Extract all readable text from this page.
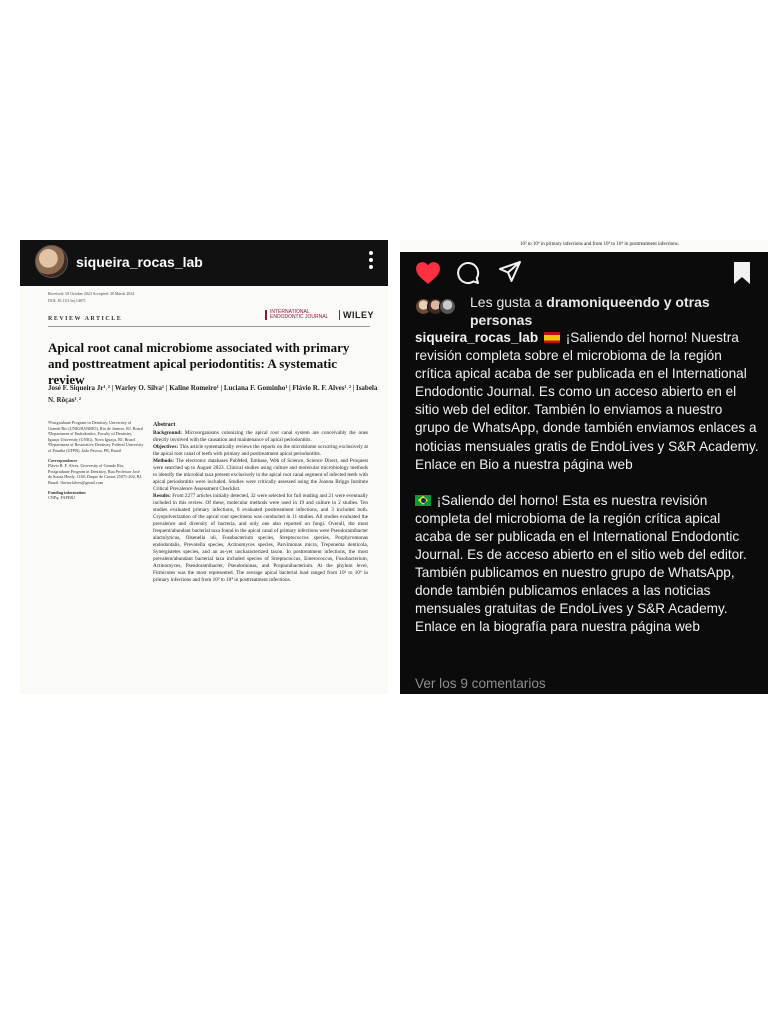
siqueira_rocas_lab
Received: 19 October 2023 Accepted: 30 March 2024
DOI: 10.1111/iej.14071
REVIEW ARTICLE
INTERNATIONAL ENDODONTIC JOURNAL	WILEY
Apical root canal microbiome associated with primary and posttreatment apical periodontitis: A systematic review
José F. Siqueira Jr¹˒² | Warley O. Silva¹ | Kaline Romeiro¹ | Luciana F. Gominho¹ | Flávio R. F. Alves¹˒² | Isabela N. Rôças¹˒²
¹Postgraduate Program in Dentistry, University of Grande Rio (UNIGRANRIO), Rio de Janeiro, RJ, Brazil ²Department of Endodontics, Faculty of Dentistry, Iguaçu University (UNIG), Nova Iguaçu, RJ, Brazil ³Department of Restorative Dentistry, Federal University of Paraíba (UFPB), João Pessoa, PB, Brazil
Correspondence
Flávio R. F. Alves, University of Grande Rio, Postgraduate Program in Dentistry, Rua Professor José de Souza Herdy, 1160, Duque de Caxias 25071-202, RJ, Brazil. flaviorfalves@gmail.com
Funding information
CNPq; FAPERJ
Abstract
Background: Microorganisms colonizing the apical root canal system are conceivably the ones directly involved with the causation and maintenance of apical periodontitis.
Objectives: This article systematically reviews the reports on the microbiome occurring exclusively at the apical root canal of teeth with primary and posttreatment apical periodontitis.
Methods: The electronic databases PubMed, Embase, Web of Science, Science Direct, and Proquest were searched up to August 2023. Clinical studies using culture and molecular microbiology methods to identify the microbial taxa present exclusively in the apical root canal segment of infected teeth with apical periodontitis were included. Studies were critically assessed using the Joanna Briggs Institute Critical Prevalence Assessment Checklist.
Results: From 2277 articles initially detected, 32 were selected for full reading and 21 were eventually included in this review. Of these, molecular methods were used in 19 and culture in 2 studies. Ten studies evaluated primary infections, 8 evaluated posttreatment infections, and 3 included both. Cryopulverization of the apical root specimens was conducted in 11 studies. All studies evaluated the prevalence and diversity of bacteria, and only one also reported on fungi. Overall, the most frequent/abundant bacterial taxa found in the apical canal of primary infections were Pseudoramibacter alactolyticus, Olsenella uli, Fusobacterium species, Streptococcus species, Porphyromonas endodontalis, Prevotella species, Actinomyces species, Parvimonas micra, Treponema denticola, Synergistetes species, and an as-yet uncharacterized taxon. In posttreatment infections, the most prevalent/abundant bacterial taxa included species of Streptococcus, Enterococcus, Fusobacterium, Actinomyces, Pseudoramibacter, Pseudomonas, and Propionibacterium. At the phylum level, Firmicutes was the most represented. The average apical bacterial load ranged from 10² to 10⁶ in primary infections and from 10³ to 10⁴ in posttreatment infections.
10² to 10⁶ in primary infections and from 10³ to 10⁴ in posttreatment infections.
Les gusta a dramoniqueendo y otras personas

siqueira_rocas_lab  ¡Saliendo del horno! Nuestra revisión completa sobre el microbioma de la región crítica apical acaba de ser publicada en el International Endodontic Journal. Es como un acceso abierto en el sitio web del editor. También lo enviamos a nuestro grupo de WhatsApp, donde también enviamos enlaces a noticias mensuales gratis de EndoLives y S&R Academy.

Enlace en Bio a nuestra página web

¡Saliendo del horno! Esta es nuestra revisión completa del microbioma de la región crítica apical acaba de ser publicada en el International Endodontic Journal. Es de acceso abierto en el sitio web del editor. También publicamos en nuestro grupo de WhatsApp, donde también publicamos enlaces a las noticias mensuales gratuitas de EndoLives y S&R Academy.

Enlace en la biografía para nuestra página web

Ver los 9 comentarios
